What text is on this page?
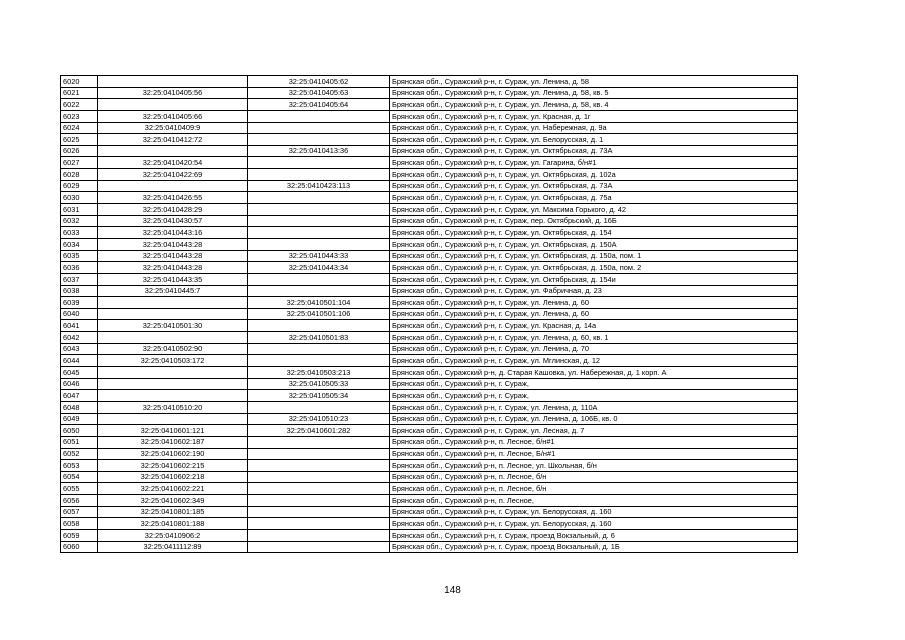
6020		32:25:0410405:62	Брянская обл., Суражский р-н, г. Сураж, ул. Ленина, д. 58
6021	32:25:0410405:56	32:25:0410405:63	Брянская обл., Суражский р-н, г. Сураж, ул. Ленина, д. 58, кв. 5
6022		32:25:0410405:64	Брянская обл., Суражский р-н, г. Сураж, ул. Ленина, д. 58, кв. 4
6023	32:25:0410405:66		Брянская обл., Суражский р-н, г. Сураж, ул. Красная, д. 1г
6024	32:25:0410409:9		Брянская обл., Суражский р-н, г. Сураж, ул. Набережная, д. 9а
6025	32:25:0410412:72		Брянская обл., Суражский р-н, г. Сураж, ул. Белорусская, д. 1
6026		32:25:0410413:36	Брянская обл., Суражский р-н, г. Сураж, ул. Октябрьская, д. 73А
6027	32:25:0410420:54		Брянская обл., Суражский р-н, г. Сураж, ул. Гагарина, б/н#1
6028	32:25:0410422:69		Брянская обл., Суражский р-н, г. Сураж, ул. Октябрьская, д. 102а
6029		32:25:0410423:113	Брянская обл., Суражский р-н, г. Сураж, ул. Октябрьская, д. 73А
6030	32:25:0410426:55		Брянская обл., Суражский р-н, г. Сураж, ул. Октябрьская, д. 75а
6031	32:25:0410428:29		Брянская обл., Суражский р-н, г. Сураж, ул. Максима Горького, д. 42
6032	32:25:0410430:57		Брянская обл., Суражский р-н, г. Сураж, пер. Октябрьский, д. 16Б
6033	32:25:0410443:16		Брянская обл., Суражский р-н, г. Сураж, ул. Октябрьская, д. 154
6034	32:25:0410443:28		Брянская обл., Суражский р-н, г. Сураж, ул. Октябрьская, д. 150А
6035	32:25:0410443:28	32:25:0410443:33	Брянская обл., Суражский р-н, г. Сураж, ул. Октябрьская, д. 150а, пом. 1
6036	32:25:0410443:28	32:25:0410443:34	Брянская обл., Суражский р-н, г. Сураж, ул. Октябрьская, д. 150а, пом. 2
6037	32:25:0410443:35		Брянская обл., Суражский р-н, г. Сураж, ул. Октябрьская, д. 154и
6038	32:25:0410445:7		Брянская обл., Суражский р-н, г. Сураж, ул. Фабричная, д. 23
6039		32:25:0410501:104	Брянская обл., Суражский р-н, г. Сураж, ул. Ленина, д. 60
6040		32:25:0410501:106	Брянская обл., Суражский р-н, г. Сураж, ул. Ленина, д. 60
6041	32:25:0410501:30		Брянская обл., Суражский р-н, г. Сураж, ул. Красная, д. 14а
6042		32:25:0410501:83	Брянская обл., Суражский р-н, г. Сураж, ул. Ленина, д. 60, кв. 1
6043	32:25:0410502:90		Брянская обл., Суражский р-н, г. Сураж, ул. Ленина, д. 70
6044	32:25:0410503:172		Брянская обл., Суражский р-н, г. Сураж, ул. Мглинская, д. 12
6045		32:25:0410503:213	Брянская обл., Суражский р-н, д. Старая Кашовка, ул. Набережная, д. 1 корп. А
6046		32:25:0410505:33	Брянская обл., Суражский р-н, г. Сураж,
6047		32:25:0410505:34	Брянская обл., Суражский р-н, г. Сураж,
6048	32:25:0410510:20		Брянская обл., Суражский р-н, г. Сураж, ул. Ленина, д. 110А
6049		32:25:0410510:23	Брянская обл., Суражский р-н, г. Сураж, ул. Ленина, д. 106Б, кв. 0
6050	32:25:0410601:121	32:25:0410601:282	Брянская обл., Суражский р-н, г. Сураж, ул. Лесная, д. 7
6051	32:25:0410602:187		Брянская обл., Суражский р-н, п. Лесное, б/н#1
6052	32:25:0410602:190		Брянская обл., Суражский р-н, п. Лесное, Б/н#1
6053	32:25:0410602:215		Брянская обл., Суражский р-н, п. Лесное, ул. Школьная, б/н
6054	32:25:0410602:218		Брянская обл., Суражский р-н, п. Лесное, б/н
6055	32:25:0410602:221		Брянская обл., Суражский р-н, п. Лесное, б/н
6056	32:25:0410602:349		Брянская обл., Суражский р-н, п. Лесное,
6057	32:25:0410801:185		Брянская обл., Суражский р-н, г. Сураж, ул. Белорусская, д. 160
6058	32:25:0410801:188		Брянская обл., Суражский р-н, г. Сураж, ул. Белорусская, д. 160
6059	32:25:0410906:2		Брянская обл., Суражский р-н, г. Сураж, проезд Вокзальный, д. 6
6060	32:25:0411112:89		Брянская обл., Суражский р-н, г. Сураж, проезд Вокзальный, д. 1Б
148
